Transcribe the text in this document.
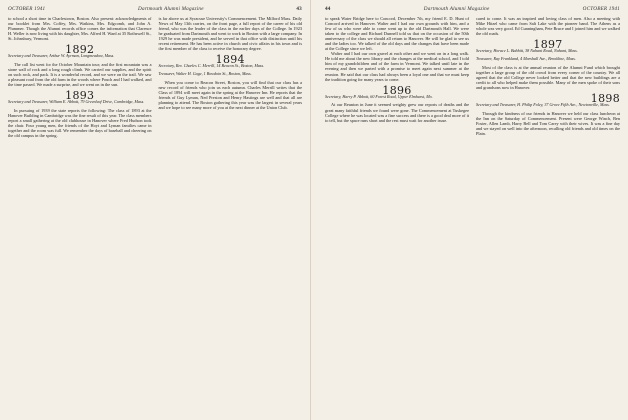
OCTOBER 1941	Dartmouth Alumni Magazine	43

to school a short time in Charlestown, Boston. Also present: acknowledgments of our booklet from Mrs. Coffey, Mrs. Watkins, Mrs. Edgcomb, and John A. Plummer. Though the Alumni records office comes the information that Clarence H. Weller is now living with his daughter, Mrs. Alfred H. Ward at 35 Rothswell St., St. Johnsbury, Vermont.

1892
Secretary and Treasurer, Arthur W. Ayrman, Longmeadow, Mass.

The call list went for the October Mountain tour; and the first mountain was a stone wall of rock and a long rough climb. We carried our supplies, and the spirit on such rock, and pack. It is a wonderful record, and we were on the trail. We saw a pleasant road from the old farm in the woods where Pouch and I had walked, and the time passed. We made a surprise, and we went on in the sun.

1893
Secretary and Treasurer, William E. Abbott, 79 Greenleaf Drive, Cambridge, Mass.

In pursuing of 1939 the state reports the following: The class of 1893 at the Hanover Building in Cambridge was the fine result of this year. The class members report a small gathering at the old clubhouse in Hanover where Fred Hudson took the chair. Four young men, the friends of the Hoyt and Lyman families came in together and the room was full. We remember the days of baseball and cheering on the old campus in the spring.

is far above us at Syracuse University's Commencement. The Milford Mass. Daily News of May 13th carries, on the front page, a full report of the career of his old friend, who was the leader of the class in the earlier days of the College. In 1923 he graduated from Dartmouth and went to work in Boston with a large company. In 1929 he was made president, and he served in that office with distinction until his recent retirement. He has been active in church and civic affairs in his town and is the first member of the class to receive the honorary degree.

1894
Secretary, Rev. Charles C. Merrill, 14 Beacon St., Boston, Mass.
Treasurer, Walter H. Gage, 1 Bowdoin St., Boston, Mass.

When you come to Beacon Street, Boston, you will find that our class has a new record of friends who join us each autumn. Charles Merrill writes that the Class of 1894 will meet again in the spring at the Hanover Inn. He reports that the friends of Guy Lyman, Ned Preston and Henry Hastings are well and that all are planning to attend. The Boston gathering this year was the largest in several years and we hope to see many more of you at the next dinner at the Union Club.

44	Dartmouth Alumni Magazine	OCTOBER 1941

to speak Water Bridge here to Concord, December 7th, my friend E. D. Hunt of Concord arrived in Hanover. Walter and I had our own grounds with him, and a few of us who were able to come went up to the old Dartmouth Hall. We were taken to the college and Richard Dunnell told us that on the occasion of the 50th anniversary of the class we should all return to Hanover. He will be glad to see us and the ladies too. We talked of the old days and the changes that have been made at the College since we left.

Walter and I had our own gravel at each other and we went on in a long walk. He told me about the new library and the changes at the medical school, and I told him of my grandchildren and of the farm in Vermont. We talked until late in the evening and then we parted with a promise to meet again next summer at the reunion. He said that our class had always been a loyal one and that we must keep the tradition going for many years to come.

1896
Secretary, Harry P. Abbott, 60 Forest Road, Upper Elmhurst, Mo.

At our Reunion in June it seemed weighty grew our reports of deaths and the great many faithful friends we found were gone. The Commencement at Tuskegee College where he was located was a fine success and there is a good deal more of it to tell, but the space runs short and the rest must wait for another issue.

cared to come. It was an inspired and loving class of men. Also a meeting with Mike Hitzel who came from Salt Lake with the pioneer band. The Athens as a whole was very good. Ed Cunningham, Pete Bruce and I joined him and we walked the old roads.

1897
Secretary, Horace L. Babbitt, 38 Nahant Road, Nahant, Mass.
Treasurer, Ray Frankland, 4 Marshall Ave., Brookline, Mass.

Most of the class is at the annual reunion of the Alumni Fund which brought together a large group of the old crowd from every corner of the country. We all agreed that the old College never looked better and that the new buildings are a credit to all who helped make them possible. Many of the men spoke of their sons and grandsons now in Hanover.

1898
Secretary and Treasurer, H. Philip Foley, 37 Grove Fifth Ave., Newtonville, Mass.

Through the kindness of our friends in Hanover we held our class luncheon at the Inn on the Saturday of Commencement. Present were George Winch, Ben Foster, Allen Lamb, Harry Bell and Tom Carey with their wives. It was a fine day and we stayed on well into the afternoon, recalling old friends and old times on the Plain.
